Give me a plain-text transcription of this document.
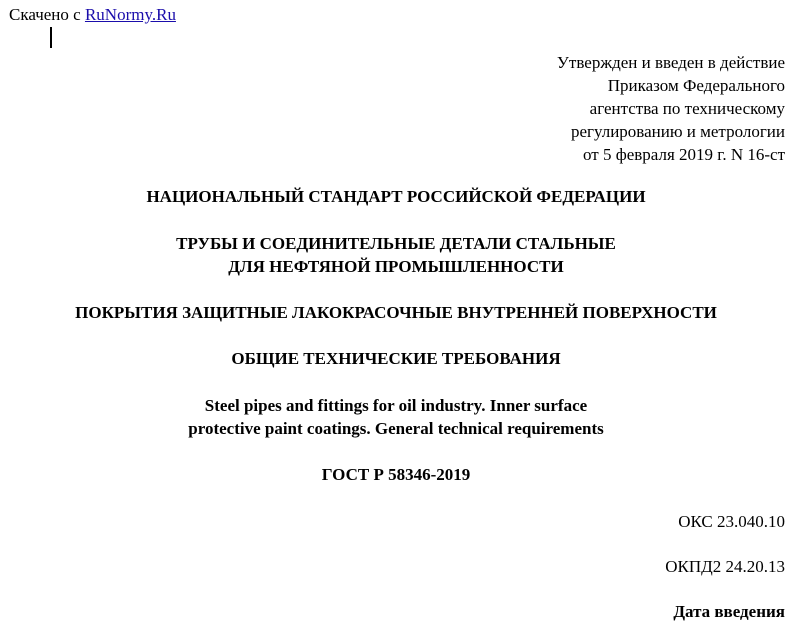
Скачено с RuNormy.Ru
Утвержден и введен в действие
Приказом Федерального
агентства по техническому
регулированию и метрологии
от 5 февраля 2019 г. N 16-ст
НАЦИОНАЛЬНЫЙ СТАНДАРТ РОССИЙСКОЙ ФЕДЕРАЦИИ
ТРУБЫ И СОЕДИНИТЕЛЬНЫЕ ДЕТАЛИ СТАЛЬНЫЕ
ДЛЯ НЕФТЯНОЙ ПРОМЫШЛЕННОСТИ
ПОКРЫТИЯ ЗАЩИТНЫЕ ЛАКОКРАСОЧНЫЕ ВНУТРЕННЕЙ ПОВЕРХНОСТИ
ОБЩИЕ ТЕХНИЧЕСКИЕ ТРЕБОВАНИЯ
Steel pipes and fittings for oil industry. Inner surface
protective paint coatings. General technical requirements
ГОСТ Р 58346-2019
ОКС 23.040.10
ОКПД2 24.20.13
Дата введения
